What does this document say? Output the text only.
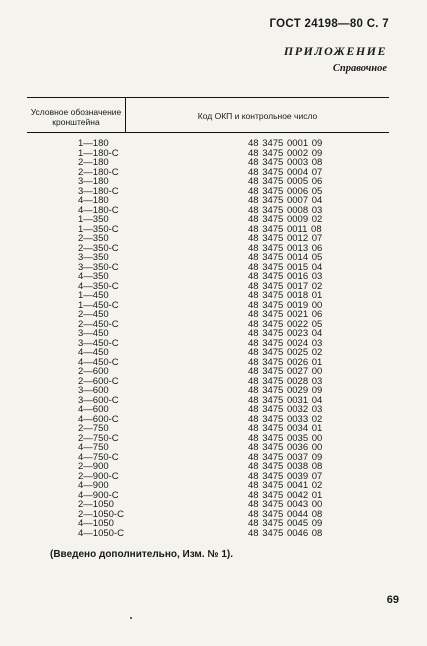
ГОСТ 24198—80 С. 7
ПРИЛОЖЕНИЕ
Справочное
Условное обозначение кронштейна
Код ОКП и контрольное число
1—180	48 3475 0001 09
1—180-С	48 3475 0002 09
2—180	48 3475 0003 08
2—180-С	48 3475 0004 07
3—180	48 3475 0005 06
3—180-С	48 3475 0006 05
4—180	48 3475 0007 04
4—180-С	48 3475 0008 03
1—350	48 3475 0009 02
1—350-С	48 3475 0011 08
2—350	48 3475 0012 07
2—350-С	48 3475 0013 06
3—350	48 3475 0014 05
3—350-С	48 3475 0015 04
4—350	48 3475 0016 03
4—350-С	48 3475 0017 02
1—450	48 3475 0018 01
1—450-С	48 3475 0019 00
2—450	48 3475 0021 06
2—450-С	48 3475 0022 05
3—450	48 3475 0023 04
3—450-С	48 3475 0024 03
4—450	48 3475 0025 02
4—450-С	48 3475 0026 01
2—600	48 3475 0027 00
2—600-С	48 3475 0028 03
3—600	48 3475 0029 09
3—600-С	48 3475 0031 04
4—600	48 3475 0032 03
4—600-С	48 3475 0033 02
2—750	48 3475 0034 01
2—750-С	48 3475 0035 00
4—750	48 3475 0036 00
4—750-С	48 3475 0037 09
2—900	48 3475 0038 08
2—900-С	48 3475 0039 07
4—900	48 3475 0041 02
4—900-С	48 3475 0042 01
2—1050	48 3475 0043 00
2—1050-С	48 3475 0044 08
4—1050	48 3475 0045 09
4—1050-С	48 3475 0046 08
(Введено дополнительно, Изм. № 1).
69
